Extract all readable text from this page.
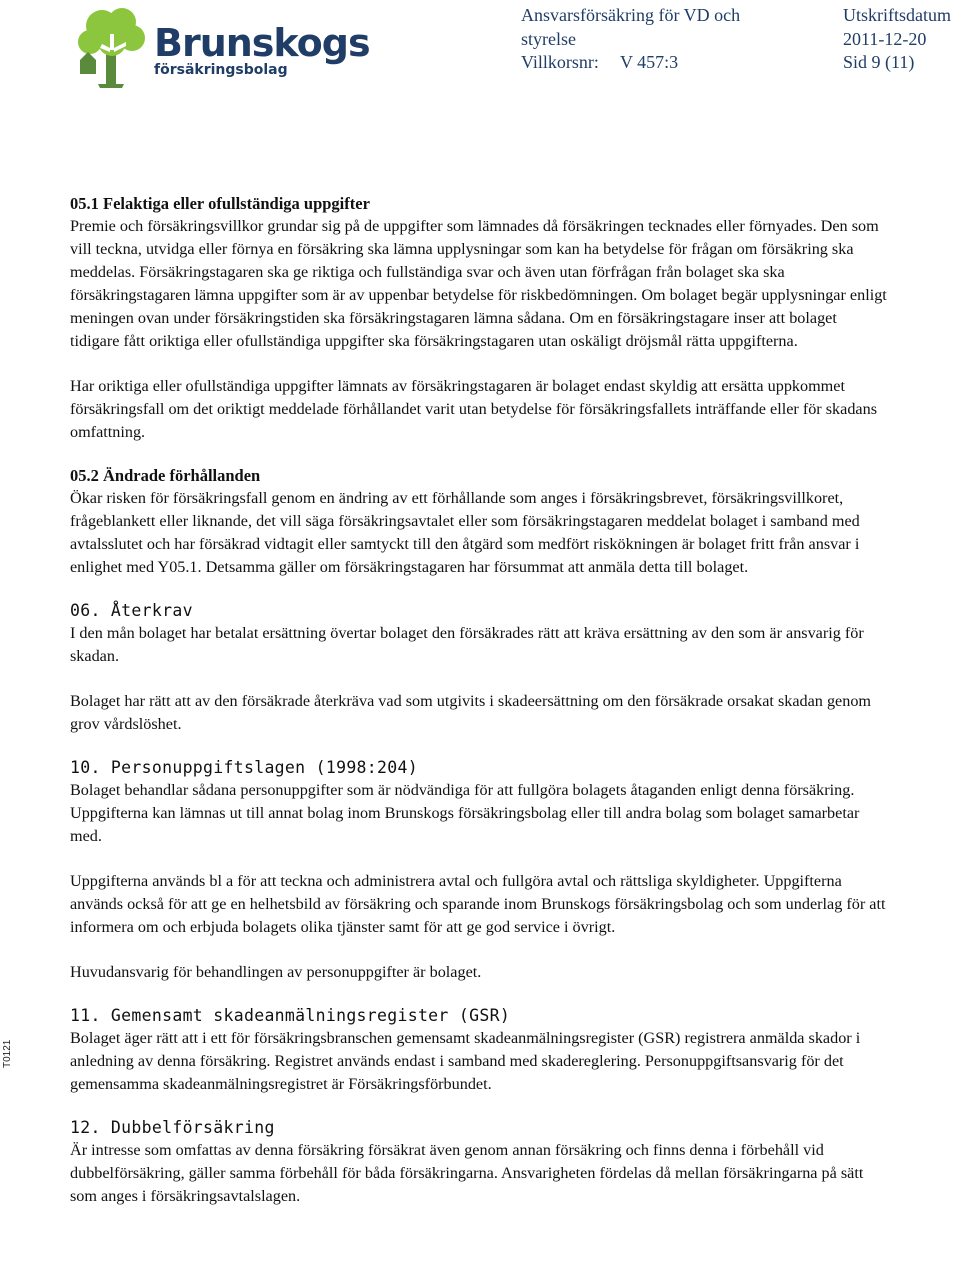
Brunskogs
försäkringsbolag
Ansvarsförsäkring för VD och
styrelse
Villkorsnr: V 457:3
Utskriftsdatum
2011-12-20
Sid 9 (11)
T0121
05.1 Felaktiga eller ofullständiga uppgifter

Premie och försäkringsvillkor grundar sig på de uppgifter som lämnades då försäkringen tecknades eller förnyades. Den som vill teckna, utvidga eller förnya en försäkring ska lämna upplysningar som kan ha betydelse för frågan om försäkring ska meddelas. Försäkringstagaren ska ge riktiga och fullständiga svar och även utan förfrågan från bolaget ska ska försäkringstagaren lämna uppgifter som är av uppenbar betydelse för riskbedömningen. Om bolaget begär upplysningar enligt meningen ovan under försäkringstiden ska försäkringstagaren lämna sådana. Om en försäkringstagare inser att bolaget tidigare fått oriktiga eller ofullständiga uppgifter ska försäkringstagaren utan oskäligt dröjsmål rätta uppgifterna.

Har oriktiga eller ofullständiga uppgifter lämnats av försäkringstagaren är bolaget endast skyldig att ersätta uppkommet försäkringsfall om det oriktigt meddelade förhållandet varit utan betydelse för försäkringsfallets inträffande eller för skadans omfattning.

05.2 Ändrade förhållanden

Ökar risken för försäkringsfall genom en ändring av ett förhållande som anges i försäkringsbrevet, försäkringsvillkoret, frågeblankett eller liknande, det vill säga försäkringsavtalet eller som försäkringstagaren meddelat bolaget i samband med avtalsslutet och har försäkrad vidtagit eller samtyckt till den åtgärd som medfört riskökningen är bolaget fritt från ansvar i enlighet med Y05.1. Detsamma gäller om försäkringstagaren har försummat att anmäla detta till bolaget.

06. Återkrav

I den mån bolaget har betalat ersättning övertar bolaget den försäkrades rätt att kräva ersättning av den som är ansvarig för skadan.

Bolaget har rätt att av den försäkrade återkräva vad som utgivits i skadeersättning om den försäkrade orsakat skadan genom grov vårdslöshet.

10. Personuppgiftslagen (1998:204)

Bolaget behandlar sådana personuppgifter som är nödvändiga för att fullgöra bolagets åtaganden enligt denna försäkring. Uppgifterna kan lämnas ut till annat bolag inom Brunskogs försäkringsbolag eller till andra bolag som bolaget samarbetar med.

Uppgifterna används bl a för att teckna och administrera avtal och fullgöra avtal och rättsliga skyldigheter. Uppgifterna används också för att ge en helhetsbild av försäkring och sparande inom Brunskogs försäkringsbolag och som underlag för att informera om och erbjuda bolagets olika tjänster samt för att ge god service i övrigt.

Huvudansvarig för behandlingen av personuppgifter är bolaget.

11. Gemensamt skadeanmälningsregister (GSR)

Bolaget äger rätt att i ett för försäkringsbranschen gemensamt skadeanmälningsregister (GSR) registrera anmälda skador i anledning av denna försäkring. Registret används endast i samband med skadereglering. Personuppgiftsansvarig för det gemensamma skadeanmälningsregistret är Försäkringsförbundet.

12. Dubbelförsäkring

Är intresse som omfattas av denna försäkring försäkrat även genom annan försäkring och finns denna i förbehåll vid dubbelförsäkring, gäller samma förbehåll för båda försäkringarna. Ansvarigheten fördelas då mellan försäkringarna på sätt som anges i försäkringsavtalslagen.
